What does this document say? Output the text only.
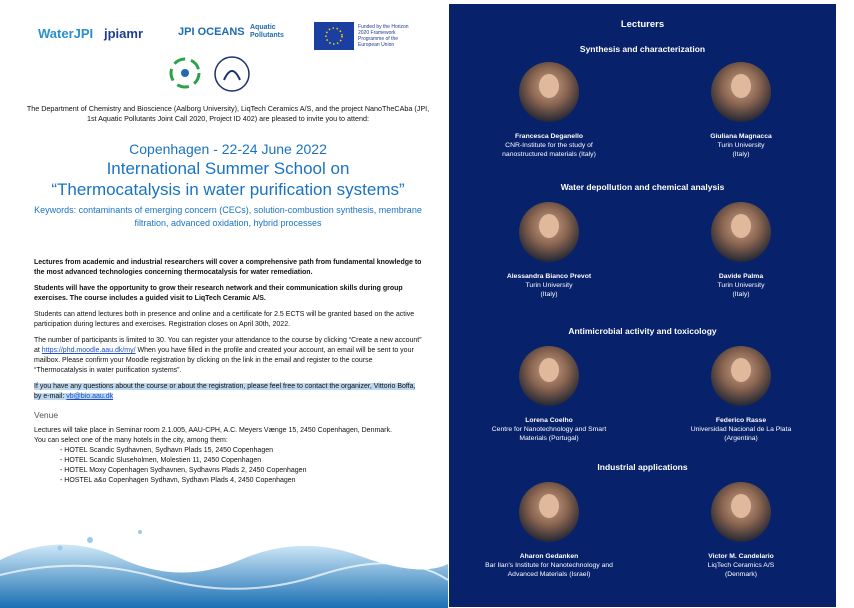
WaterJPI jpiamr	JPI OCEANS Aquatic Pollutants
Funded by the Horizon 2020 Framework Programme of the European Union
The Department of Chemistry and Bioscience (Aalborg University), LiqTech Ceramics A/S, and the project NanoTheCAba (JPI, 1st Aquatic Pollutants Joint Call 2020, Project ID 402) are pleased to invite you to attend:
Copenhagen - 22-24 June 2022
International Summer School on
“Thermocatalysis in water purification systems”
Keywords: contaminants of emerging concern (CECs), solution-combustion synthesis, membrane filtration, advanced oxidation, hybrid processes

Lectures from academic and industrial researchers will cover a comprehensive path from fundamental knowledge to the most advanced technologies concerning thermocatalysis for water remediation.

Students will have the opportunity to grow their research network and their communication skills during group exercises. The course includes a guided visit to LiqTech Ceramic A/S.

Students can attend lectures both in presence and online and a certificate for 2.5 ECTS will be granted based on the active participation during lectures and exercises. Registration closes on April 30th, 2022.

The number of participants is limited to 30. You can register your attendance to the course by clicking “Create a new account” at https://phd.moodle.aau.dk/my/ When you have filled in the profile and created your account, an email will be sent to your mailbox. Please confirm your Moodle registration by clicking on the link in the email and register to the course “Thermocatalysis in water purification systems”.

If you have any questions about the course or about the registration, please feel free to contact the organizer, Vittorio Boffa, by e-mail: vb@bio.aau.dk

Venue

Lectures will take place in Seminar room 2.1.005, AAU-CPH, A.C. Meyers Vænge 15, 2450 Copenhagen, Denmark.

You can select one of the many hotels in the city, among them:
- HOTEL Scandic Sydhavnen, Sydhavn Plads 15, 2450 Copenhagen
- HOTEL Scandic Sluseholmen, Molestien 11, 2450 Copenhagen
- HOTEL Moxy Copenhagen Sydhavnen, Sydhavns Plads 2, 2450 Copenhagen
- HOSTEL a&o Copenhagen Sydhavn, Sydhavn Plads 4, 2450 Copenhagen
Lecturers
Synthesis and characterization
Francesca Deganello
CNR-Institute for the study of
nanostructured materials (Italy)
Giuliana Magnacca
Turin University
(Italy)
Water depollution and chemical analysis
Alessandra Bianco Prevot
Turin University
(Italy)
Davide Palma
Turin University
(Italy)
Antimicrobial activity and toxicology
Lorena Coelho
Centre for Nanotechnology and Smart
Materials (Portugal)
Federico Rasse
Universidad Nacional de La Plata
(Argentina)
Industrial applications
Aharon Gedanken
Bar Ilan's Institute for Nanotechnology and
Advanced Materials (Israel)
Victor M. Candelario
LiqTech Ceramics A/S
(Denmark)
